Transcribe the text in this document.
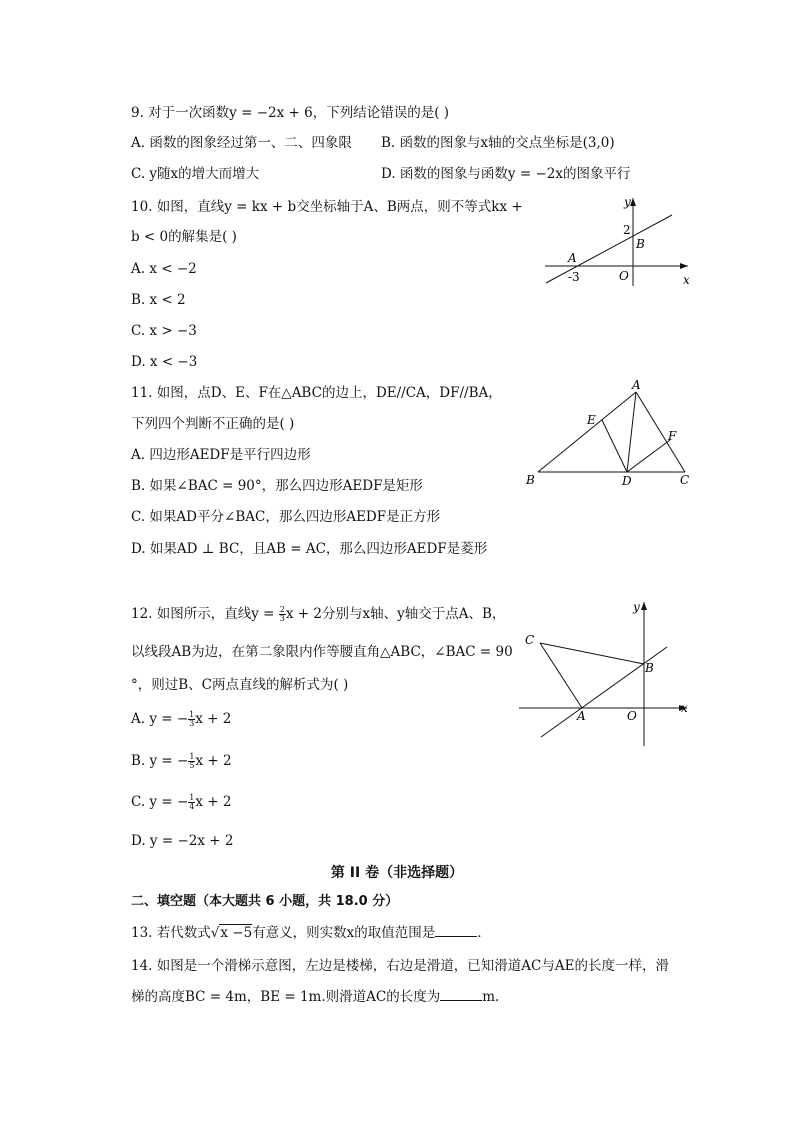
9. 对于一次函数y = −2x + 6，下列结论错误的是( )
A. 函数的图象经过第一、二、四象限 B. 函数的图象与x轴的交点坐标是(3,0)
C. y随x的增大而增大	D. 函数的图象与函数y = −2x的图象平行
10. 如图，直线y = kx + b交坐标轴于A、B两点，则不等式kx +
b < 0的解集是( )
A. x < −2
B. x < 2
C. x > −3
D. x < −3
y
x
O
A
B
-3
2
11. 如图，点D、E、F在△ABC的边上，DE//CA，DF//BA，
下列四个判断不正确的是( )
A. 四边形AEDF是平行四边形
B. 如果∠BAC = 90°，那么四边形AEDF是矩形
C. 如果AD平分∠BAC，那么四边形AEDF是正方形
D. 如果AD ⊥ BC，且AB = AC，那么四边形AEDF是菱形
A
B	C
D
E
F
12. 如图所示，直线$y = \frac{2}{3}$ x + 2分别与x轴、y轴交于点A、B，
以线段AB为边，在第二象限内作等腰直角△ABC，∠BAC = 90
°，则过B、C两点直线的解析式为( )
A. y = − $\frac{1}{3}$ x + 2
B. y = − $\frac{1}{5}$ x + 2
C. y = − $\frac{1}{4}$ x + 2
D. y = −2x + 2
y
x
O
A
B
C
第 II 卷（非选择题）
二、填空题（本大题共 6 小题，共 18.0 分）
13. 若代数式√x −5有意义，则实数x的取值范围是	．
14. 如图是一个滑梯示意图，左边是楼梯，右边是滑道，已知滑道AC与AE的长度一样，滑
梯的高度BC = 4m，BE = 1m.则滑道AC的长度为	m.
